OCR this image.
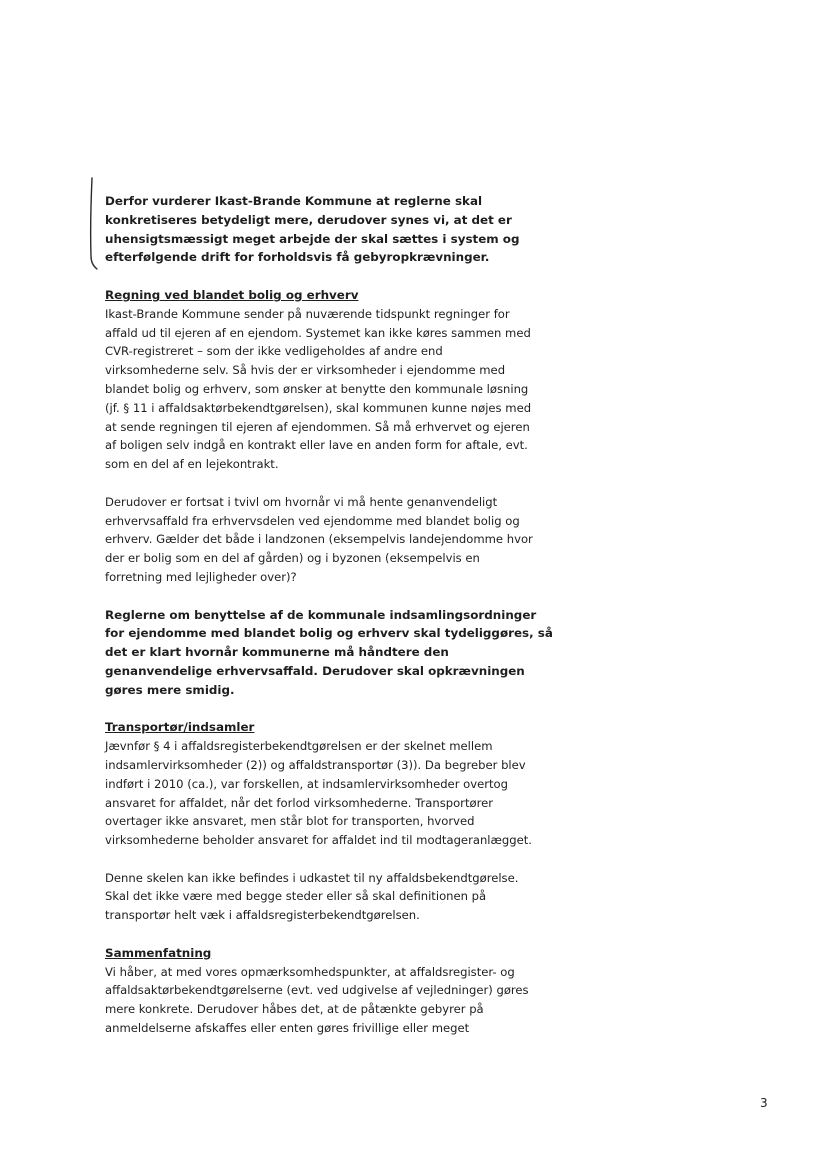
Derfor vurderer Ikast-Brande Kommune at reglerne skal
konkretiseres betydeligt mere, derudover synes vi, at det er
uhensigtsmæssigt meget arbejde der skal sættes i system og
efterfølgende drift for forholdsvis få gebyropkrævninger.
Regning ved blandet bolig og erhverv
Ikast-Brande Kommune sender på nuværende tidspunkt regninger for
affald ud til ejeren af en ejendom. Systemet kan ikke køres sammen med
CVR-registreret – som der ikke vedligeholdes af andre end
virksomhederne selv. Så hvis der er virksomheder i ejendomme med
blandet bolig og erhverv, som ønsker at benytte den kommunale løsning
(jf. § 11 i affaldsaktørbekendtgørelsen), skal kommunen kunne nøjes med
at sende regningen til ejeren af ejendommen. Så må erhvervet og ejeren
af boligen selv indgå en kontrakt eller lave en anden form for aftale, evt.
som en del af en lejekontrakt.
Derudover er fortsat i tvivl om hvornår vi må hente genanvendeligt
erhvervsaffald fra erhvervsdelen ved ejendomme med blandet bolig og
erhverv. Gælder det både i landzonen (eksempelvis landejendomme hvor
der er bolig som en del af gården) og i byzonen (eksempelvis en
forretning med lejligheder over)?
Reglerne om benyttelse af de kommunale indsamlingsordninger
for ejendomme med blandet bolig og erhverv skal tydeliggøres, så
det er klart hvornår kommunerne må håndtere den
genanvendelige erhvervsaffald. Derudover skal opkrævningen
gøres mere smidig.
Transportør/indsamler
Jævnfør § 4 i affaldsregisterbekendtgørelsen er der skelnet mellem
indsamlervirksomheder (2)) og affaldstransportør (3)). Da begreber blev
indført i 2010 (ca.), var forskellen, at indsamlervirksomheder overtog
ansvaret for affaldet, når det forlod virksomhederne. Transportører
overtager ikke ansvaret, men står blot for transporten, hvorved
virksomhederne beholder ansvaret for affaldet ind til modtageranlægget.
Denne skelen kan ikke befindes i udkastet til ny affaldsbekendtgørelse.
Skal det ikke være med begge steder eller så skal definitionen på
transportør helt væk i affaldsregisterbekendtgørelsen.
Sammenfatning
Vi håber, at med vores opmærksomhedspunkter, at affaldsregister- og
affaldsaktørbekendtgørelserne (evt. ved udgivelse af vejledninger) gøres
mere konkrete. Derudover håbes det, at de påtænkte gebyrer på
anmeldelserne afskaffes eller enten gøres frivillige eller meget
3
